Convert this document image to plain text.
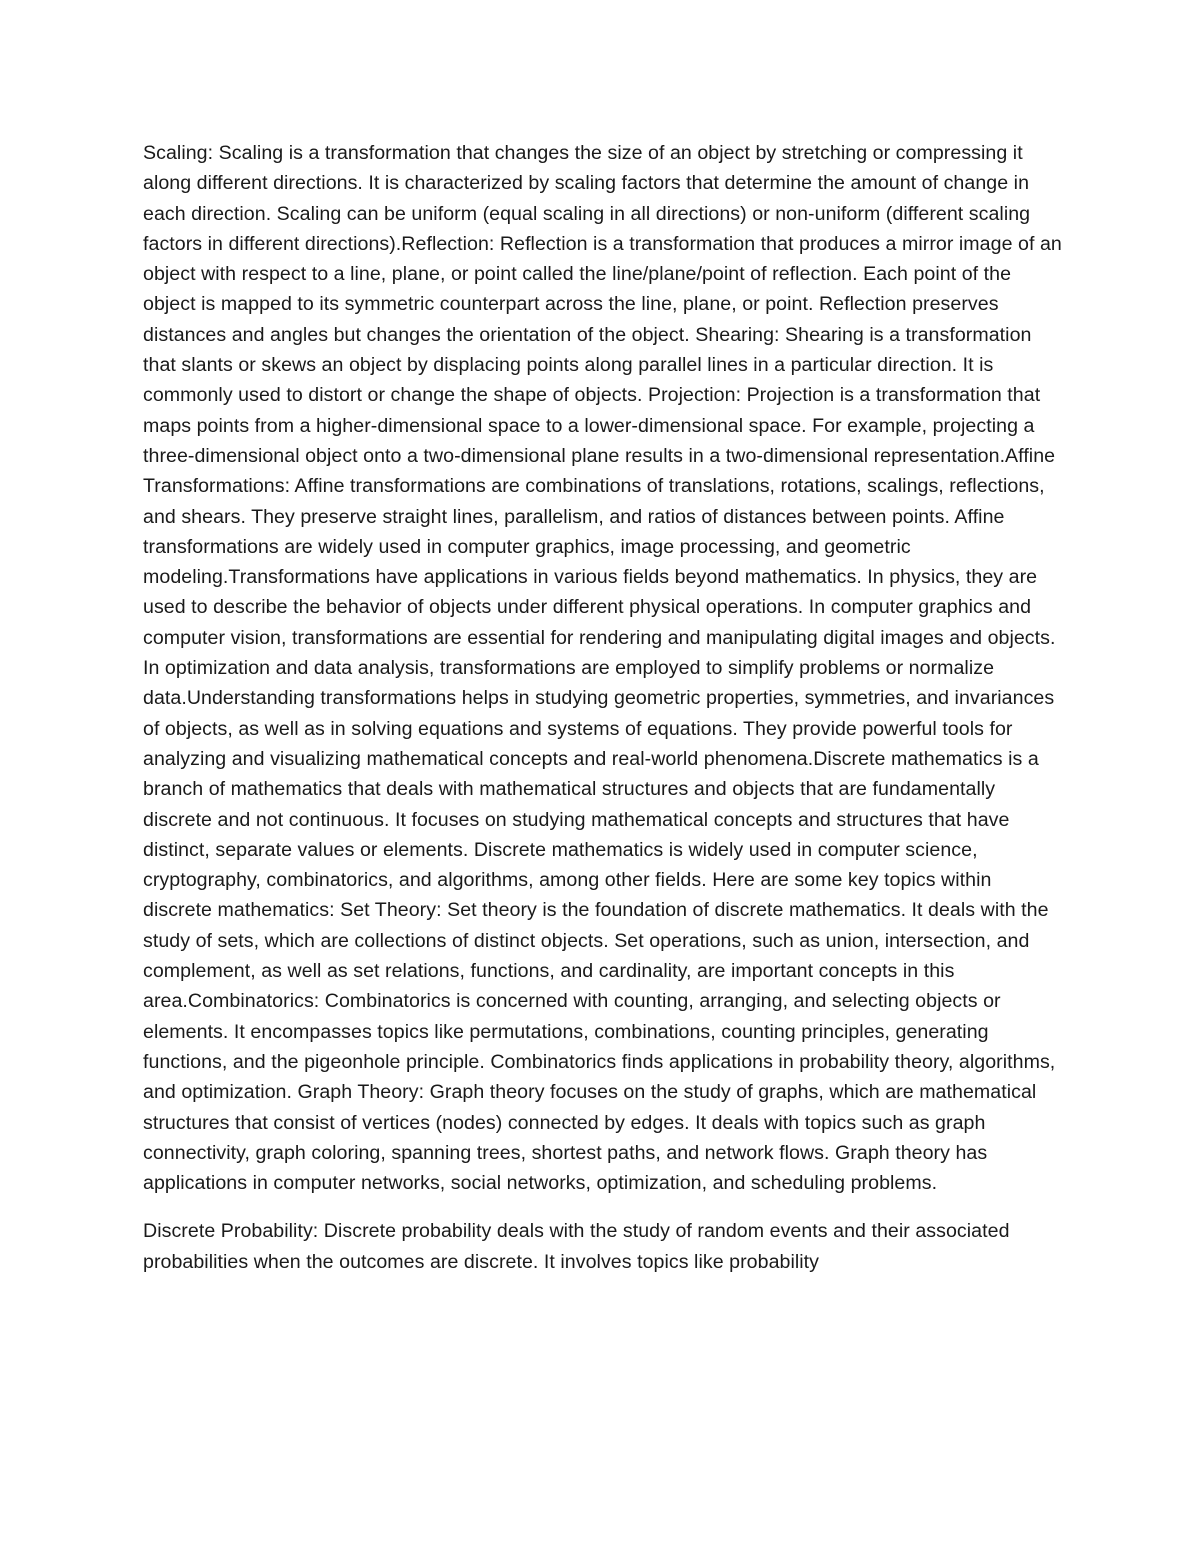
Scaling: Scaling is a transformation that changes the size of an object by stretching or compressing it along different directions. It is characterized by scaling factors that determine the amount of change in each direction. Scaling can be uniform (equal scaling in all directions) or non-uniform (different scaling factors in different directions).Reflection: Reflection is a transformation that produces a mirror image of an object with respect to a line, plane, or point called the line/plane/point of reflection. Each point of the object is mapped to its symmetric counterpart across the line, plane, or point. Reflection preserves distances and angles but changes the orientation of the object. Shearing: Shearing is a transformation that slants or skews an object by displacing points along parallel lines in a particular direction. It is commonly used to distort or change the shape of objects. Projection: Projection is a transformation that maps points from a higher-dimensional space to a lower-dimensional space. For example, projecting a three-dimensional object onto a two-dimensional plane results in a two-dimensional representation.Affine Transformations: Affine transformations are combinations of translations, rotations, scalings, reflections, and shears. They preserve straight lines, parallelism, and ratios of distances between points. Affine transformations are widely used in computer graphics, image processing, and geometric modeling.Transformations have applications in various fields beyond mathematics. In physics, they are used to describe the behavior of objects under different physical operations. In computer graphics and computer vision, transformations are essential for rendering and manipulating digital images and objects. In optimization and data analysis, transformations are employed to simplify problems or normalize data.Understanding transformations helps in studying geometric properties, symmetries, and invariances of objects, as well as in solving equations and systems of equations. They provide powerful tools for analyzing and visualizing mathematical concepts and real-world phenomena.Discrete mathematics is a branch of mathematics that deals with mathematical structures and objects that are fundamentally discrete and not continuous. It focuses on studying mathematical concepts and structures that have distinct, separate values or elements. Discrete mathematics is widely used in computer science, cryptography, combinatorics, and algorithms, among other fields. Here are some key topics within discrete mathematics: Set Theory: Set theory is the foundation of discrete mathematics. It deals with the study of sets, which are collections of distinct objects. Set operations, such as union, intersection, and complement, as well as set relations, functions, and cardinality, are important concepts in this area.Combinatorics: Combinatorics is concerned with counting, arranging, and selecting objects or elements. It encompasses topics like permutations, combinations, counting principles, generating functions, and the pigeonhole principle. Combinatorics finds applications in probability theory, algorithms, and optimization. Graph Theory: Graph theory focuses on the study of graphs, which are mathematical structures that consist of vertices (nodes) connected by edges. It deals with topics such as graph connectivity, graph coloring, spanning trees, shortest paths, and network flows. Graph theory has applications in computer networks, social networks, optimization, and scheduling problems.

Discrete Probability: Discrete probability deals with the study of random events and their associated probabilities when the outcomes are discrete. It involves topics like probability
